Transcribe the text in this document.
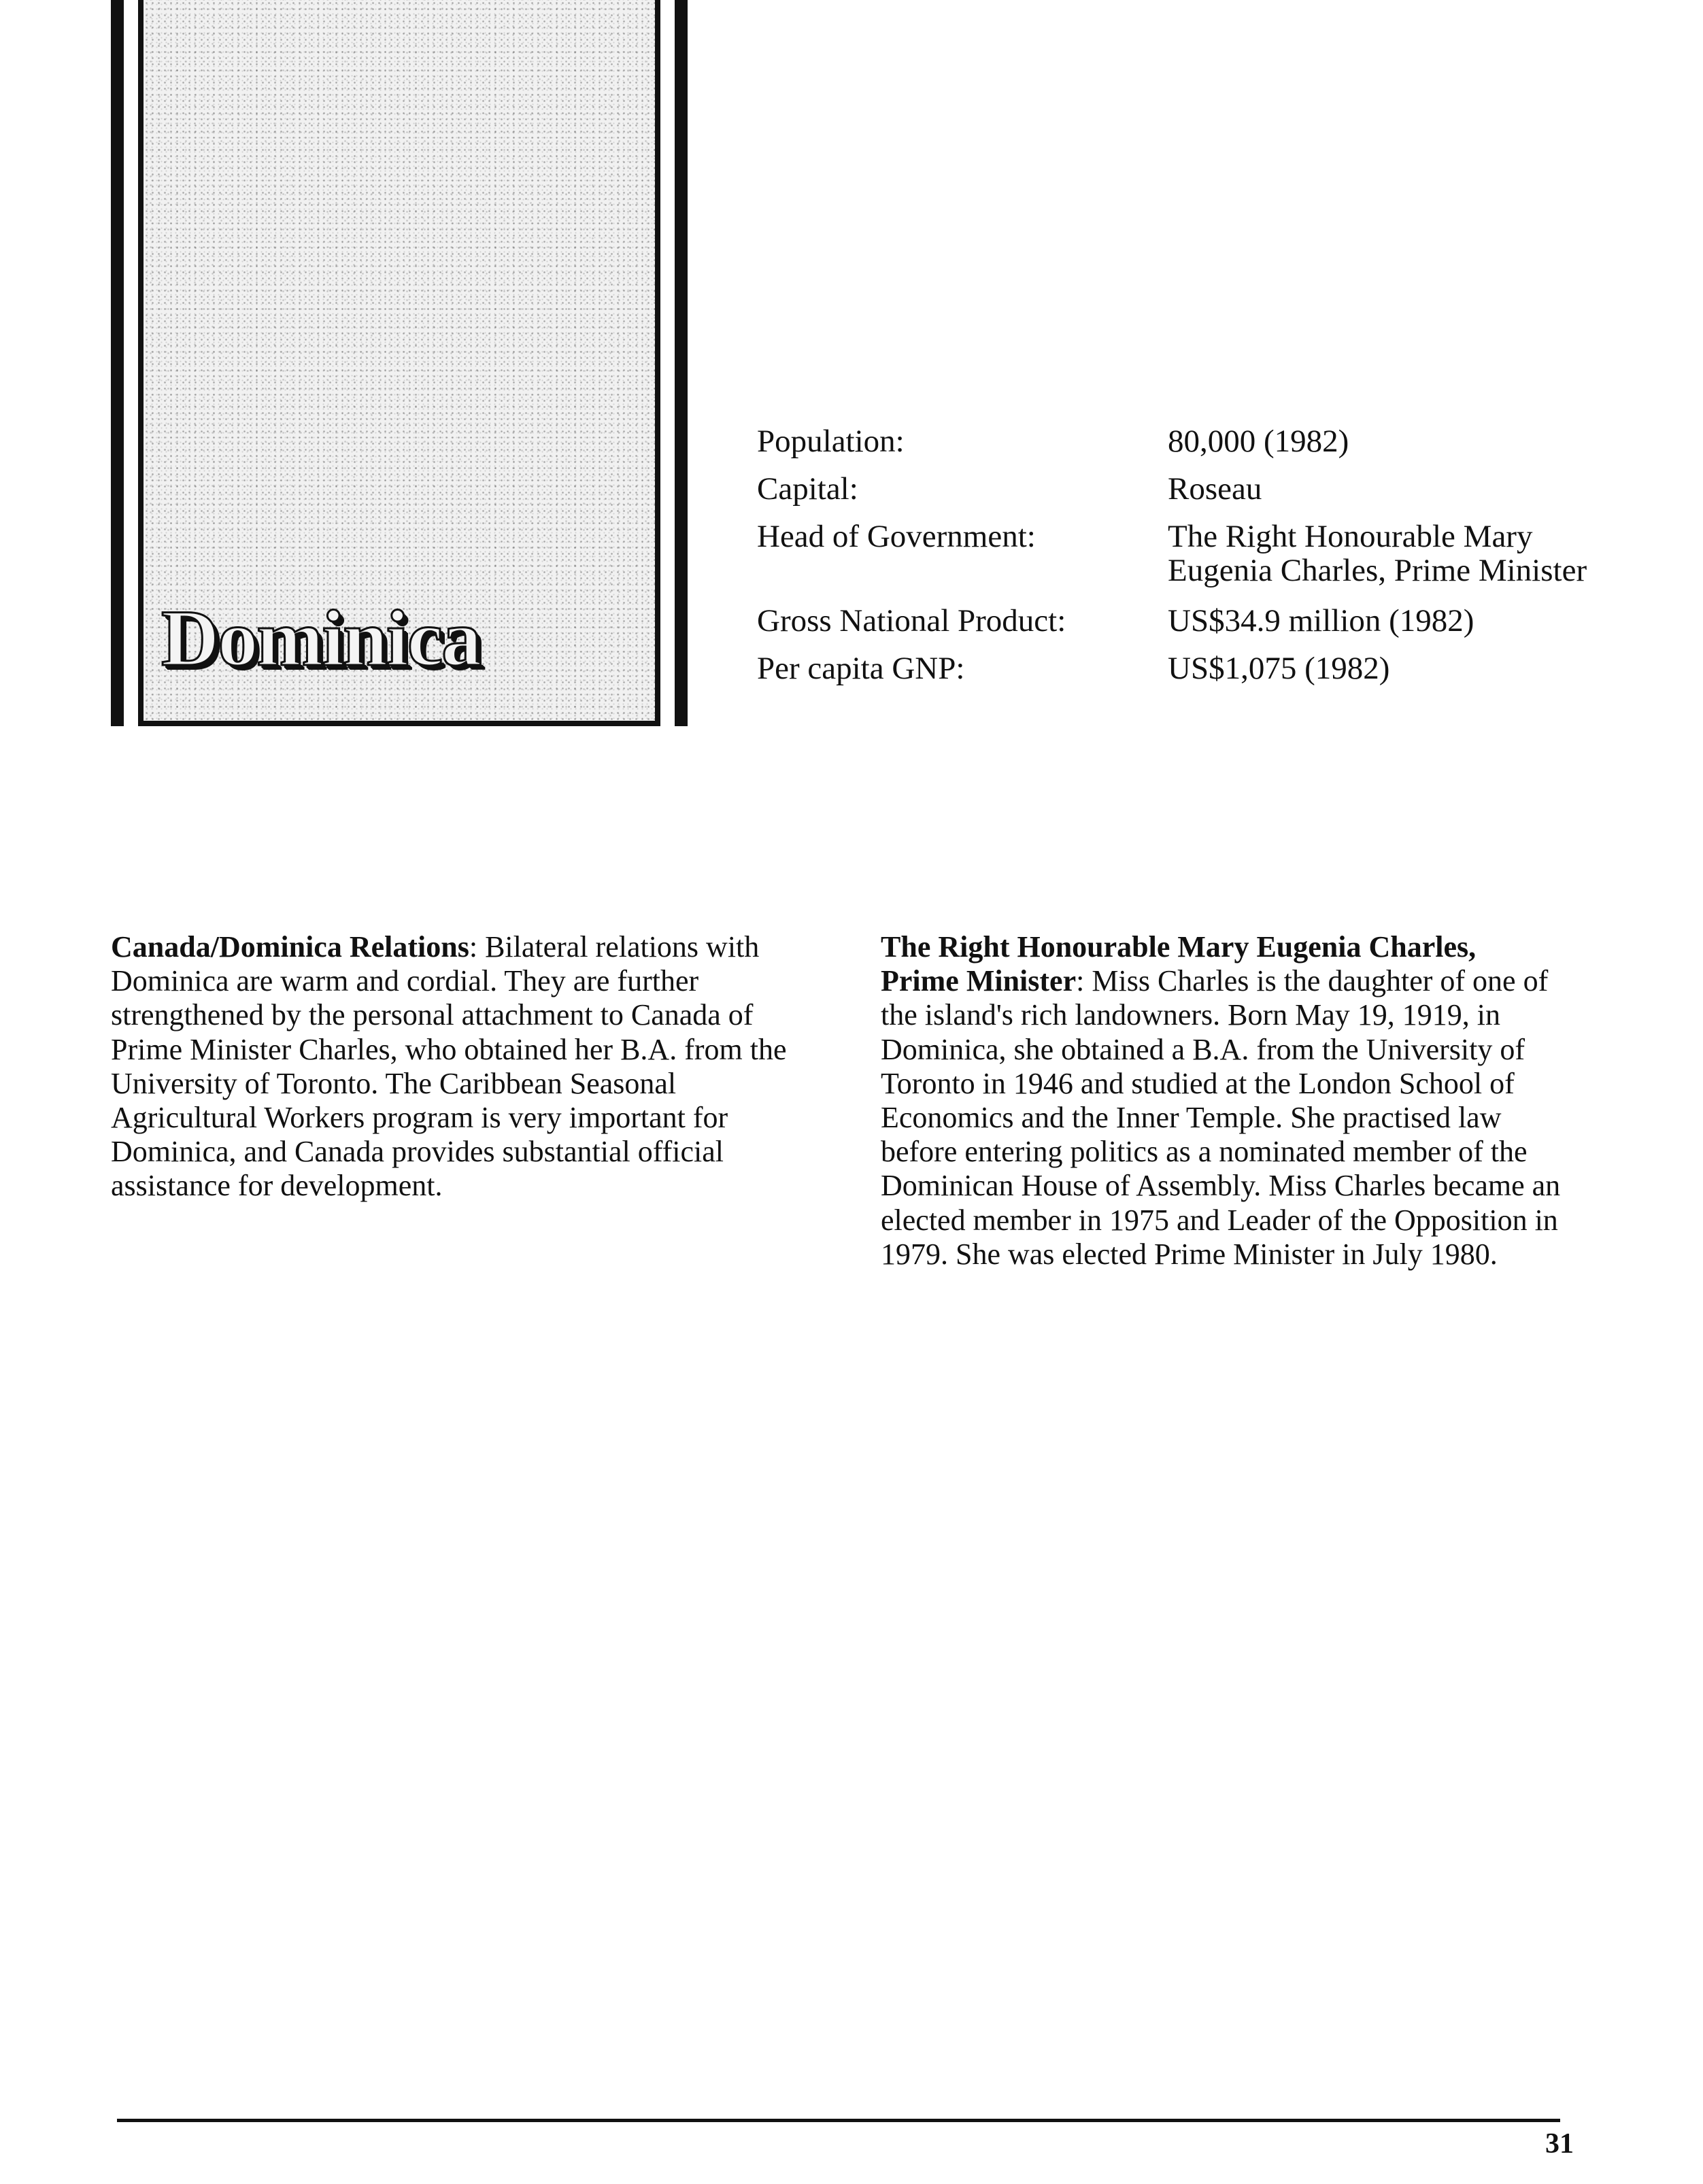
Dominica
Population:	80,000 (1982)
Capital:	Roseau
Head of Government:	The Right Honourable Mary Eugenia Charles, Prime Minister
Gross National Product:	US$34.9 million (1982)
Per capita GNP:	US$1,075 (1982)

Canada/Dominica Relations: Bilateral relations with Dominica are warm and cordial. They are further strengthened by the personal attachment to Canada of Prime Minister Charles, who obtained her B.A. from the University of Toronto. The Caribbean Seasonal Agricultural Workers program is very important for Dominica, and Canada provides substantial official assistance for development.

The Right Honourable Mary Eugenia Charles, Prime Minister: Miss Charles is the daughter of one of the island's rich landowners. Born May 19, 1919, in Dominica, she obtained a B.A. from the University of Toronto in 1946 and studied at the London School of Economics and the Inner Temple. She practised law before entering politics as a nominated member of the Dominican House of Assembly. Miss Charles became an elected member in 1975 and Leader of the Opposition in 1979. She was elected Prime Minister in July 1980.

31
